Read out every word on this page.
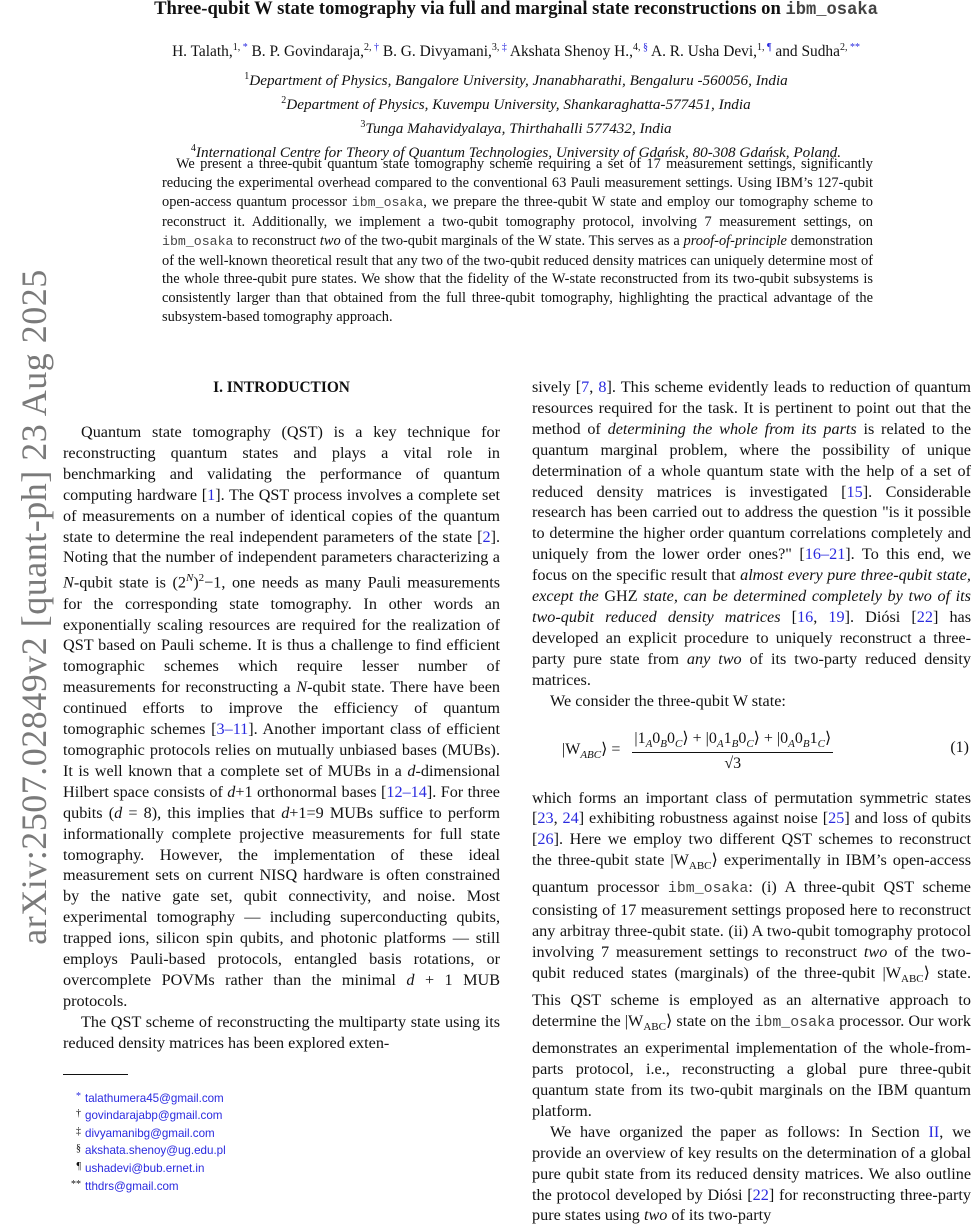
arXiv:2507.02849v2 [quant-ph] 23 Aug 2025
Three-qubit W state tomography via full and marginal state reconstructions on ibm_osaka
H. Talath,$^{1, *}$ B. P. Govindaraja,$^{2, \dagger}$ B. G. Divyamani,$^{3, \ddagger}$ Akshata Shenoy H.,$^{4, \S}$ A. R. Usha Devi,$^{1, \P}$ and Sudha$^{2, **}$
$^1$Department of Physics, Bangalore University, Jnanabharathi, Bengaluru -560056, India
$^2$Department of Physics, Kuvempu University, Shankaraghatta-577451, India
$^3$Tunga Mahavidyalaya, Thirthahalli 577432, India
$^4$International Centre for Theory of Quantum Technologies, University of Gdańsk, 80-308 Gdańsk, Poland.
We present a three-qubit quantum state tomography scheme requiring a set of 17 measurement settings, significantly reducing the experimental overhead compared to the conventional 63 Pauli measurement settings. Using IBM’s 127-qubit open-access quantum processor ibm_osaka, we prepare the three-qubit W state and employ our tomography scheme to reconstruct it. Additionally, we implement a two-qubit tomography protocol, involving 7 measurement settings, on ibm_osaka to reconstruct two of the two-qubit marginals of the W state. This serves as a proof-of-principle demonstration of the well-known theoretical result that any two of the two-qubit reduced density matrices can uniquely determine most of the whole three-qubit pure states. We show that the fidelity of the W-state reconstructed from its two-qubit subsystems is consistently larger than that obtained from the full three-qubit tomography, highlighting the practical advantage of the subsystem-based tomography approach.
I. INTRODUCTION

Quantum state tomography (QST) is a key technique for reconstructing quantum states and plays a vital role in benchmarking and validating the performance of quantum computing hardware [1]. The QST process involves a complete set of measurements on a number of identical copies of the quantum state to determine the real independent parameters of the state [2]. Noting that the number of independent parameters characterizing a N-qubit state is $(2^N)^2-1$, one needs as many Pauli measurements for the corresponding state tomography. In other words an exponentially scaling resources are required for the realization of QST based on Pauli scheme. It is thus a challenge to find efficient tomographic schemes which require lesser number of measurements for reconstructing a N-qubit state. There have been continued efforts to improve the efficiency of quantum tomographic schemes [3–11]. Another important class of efficient tomographic protocols relies on mutually unbiased bases (MUBs). It is well known that a complete set of MUBs in a d-dimensional Hilbert space consists of d+1 orthonormal bases [12–14]. For three qubits (d = 8), this implies that d+1=9 MUBs suffice to perform informationally complete projective measurements for full state tomography. However, the implementation of these ideal measurement sets on current NISQ hardware is often constrained by the native gate set, qubit connectivity, and noise. Most experimental tomography — including superconducting qubits, trapped ions, silicon spin qubits, and photonic platforms — still employs Pauli-based protocols, entangled basis rotations, or overcomplete POVMs rather than the minimal d + 1 MUB protocols.

The QST scheme of reconstructing the multiparty state using its reduced density matrices has been explored exten-

* talathumera45@gmail.com
† govindarajabp@gmail.com
‡ divyamanibg@gmail.com
§ akshata.shenoy@ug.edu.pl
¶ ushadevi@bub.ernet.in
** tthdrs@gmail.com

sively [7, 8]. This scheme evidently leads to reduction of quantum resources required for the task. It is pertinent to point out that the method of determining the whole from its parts is related to the quantum marginal problem, where the possibility of unique determination of a whole quantum state with the help of a set of reduced density matrices is investigated [15]. Considerable research has been carried out to address the question "is it possible to determine the higher order quantum correlations completely and uniquely from the lower order ones?" [16–21]. To this end, we focus on the specific result that almost every pure three-qubit state, except the GHZ state, can be determined completely by two of its two-qubit reduced density matrices [16, 19]. Diósi [22] has developed an explicit procedure to uniquely reconstruct a three-party pure state from any two of its two-party reduced density matrices.

We consider the three-qubit W state:

$|W_{ABC}⟩ = \frac{|1_A0_B0_C⟩ + |0_A1_B0_C⟩ + |0_A0_B1_C⟩}{√3}$	(1)

which forms an important class of permutation symmetric states [23, 24] exhibiting robustness against noise [25] and loss of qubits [26]. Here we employ two different QST schemes to reconstruct the three-qubit state $|W_{ABC}⟩$ experimentally in IBM’s open-access quantum processor ibm_osaka: (i) A three-qubit QST scheme consisting of 17 measurement settings proposed here to reconstruct any arbitray three-qubit state. (ii) A two-qubit tomography protocol involving 7 measurement settings to reconstruct two of the two-qubit reduced states (marginals) of the three-qubit $|W_{ABC}⟩$ state. This QST scheme is employed as an alternative approach to determine the $|W_{ABC}⟩$ state on the ibm_osaka processor. Our work demonstrates an experimental implementation of the whole-from-parts protocol, i.e., reconstructing a global pure three-qubit quantum state from its two-qubit marginals on the IBM quantum platform.

We have organized the paper as follows: In Section II, we provide an overview of key results on the determination of a global pure qubit state from its reduced density matrices. We also outline the protocol developed by Diósi [22] for reconstructing three-party pure states using two of its two-party
